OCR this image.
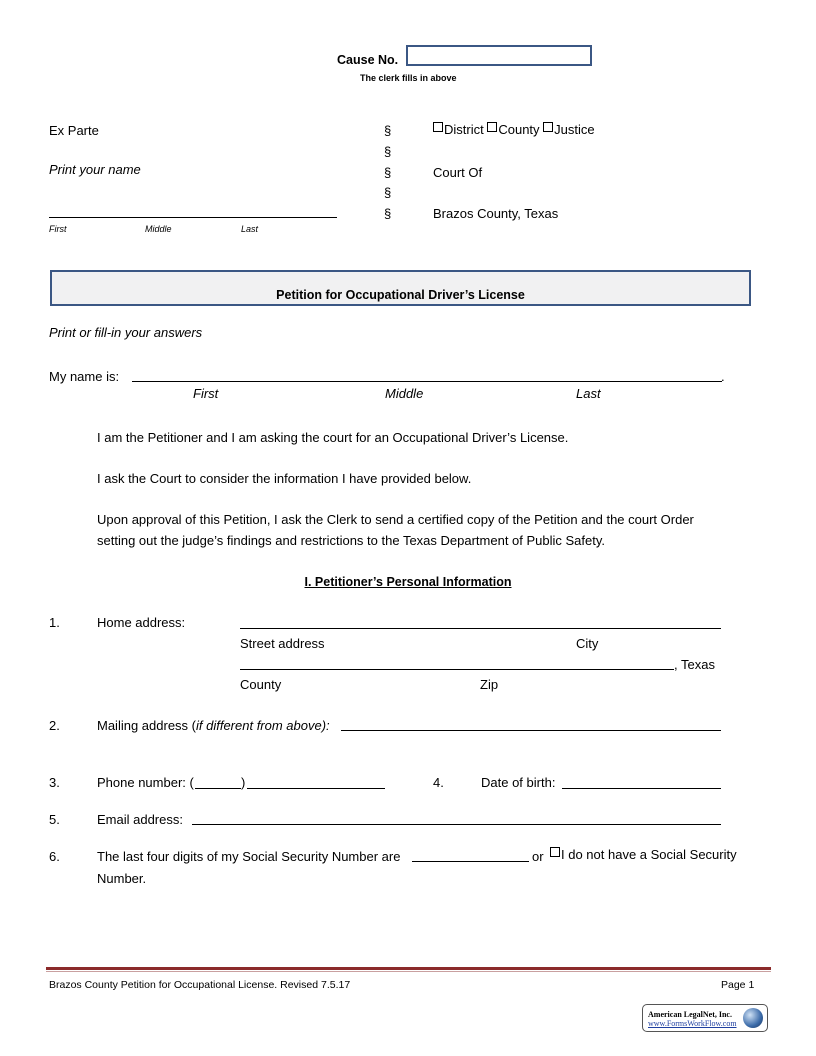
Cause No.
The clerk fills in above
Ex Parte
Print your name
First	Middle	Last
§
§
§
§
§
District County Justice
Court Of
Brazos County, Texas
Petition for Occupational Driver’s License
Print or fill-in your answers
My name is:	.
First	Middle	Last
I am the Petitioner and I am asking the court for an Occupational Driver’s License.
I ask the Court to consider the information I have provided below.
Upon approval of this Petition, I ask the Clerk to send a certified copy of the Petition and the court Order
setting out the judge’s findings and restrictions to the Texas Department of Public Safety.
I. Petitioner’s Personal Information
1.	Home address:
Street address	City
, Texas
County	Zip
2.	Mailing address (if different from above):
3.	Phone number: (	)	4.	Date of birth:
5.	Email address:
6.	The last four digits of my Social Security Number are	or	I do not have a Social Security
Number.
Brazos County Petition for Occupational License. Revised 7.5.17	Page 1
American LegalNet, Inc.
www.FormsWorkFlow.com
